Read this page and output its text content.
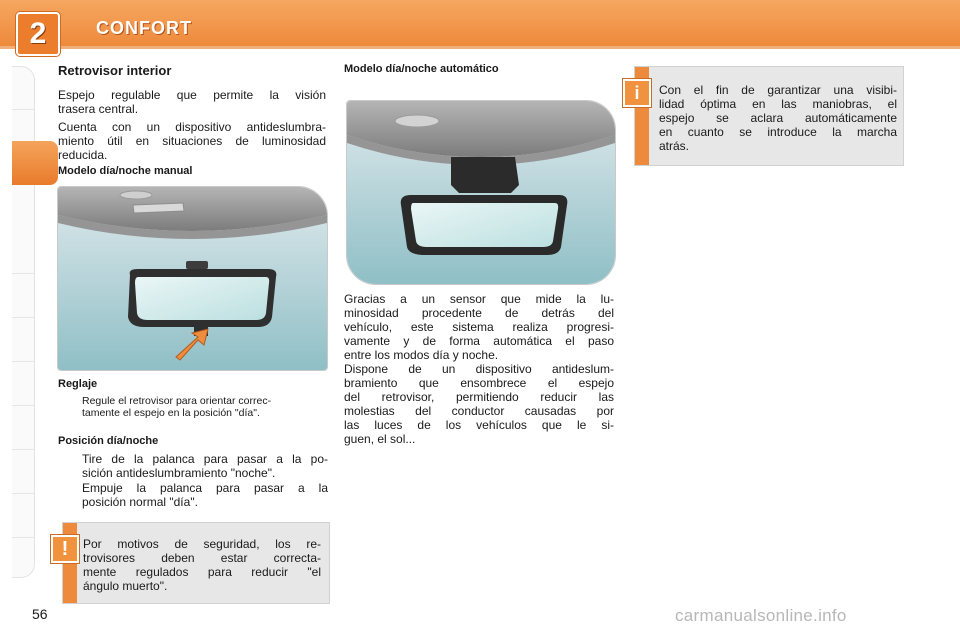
2	CONFORT
Retrovisor interior
Espejo regulable que permite la visión
trasera central.
Cuenta con un dispositivo antideslumbra-
miento útil en situaciones de luminosidad
reducida.
Modelo día/noche manual
Reglaje
Regule el retrovisor para orientar correc-
tamente el espejo en la posición "día".
Posición día/noche
Tire de la palanca para pasar a la po-
sición antideslumbramiento "noche".
Empuje la palanca para pasar a la
posición normal "día".
!	Por motivos de seguridad, los re-
trovisores deben estar correcta-
mente regulados para reducir "el
ángulo muerto".
Modelo día/noche automático
Gracias a un sensor que mide la lu-
minosidad procedente de detrás del
vehículo, este sistema realiza progresi-
vamente y de forma automática el paso
entre los modos día y noche.
Dispone de un dispositivo antideslum-
bramiento que ensombrece el espejo
del retrovisor, permitiendo reducir las
molestias del conductor causadas por
las luces de los vehículos que le si-
guen, el sol...
i	Con el fin de garantizar una visibi-
lidad óptima en las maniobras, el
espejo se aclara automáticamente
en cuanto se introduce la marcha
atrás.
56	carmanualsonline.info
